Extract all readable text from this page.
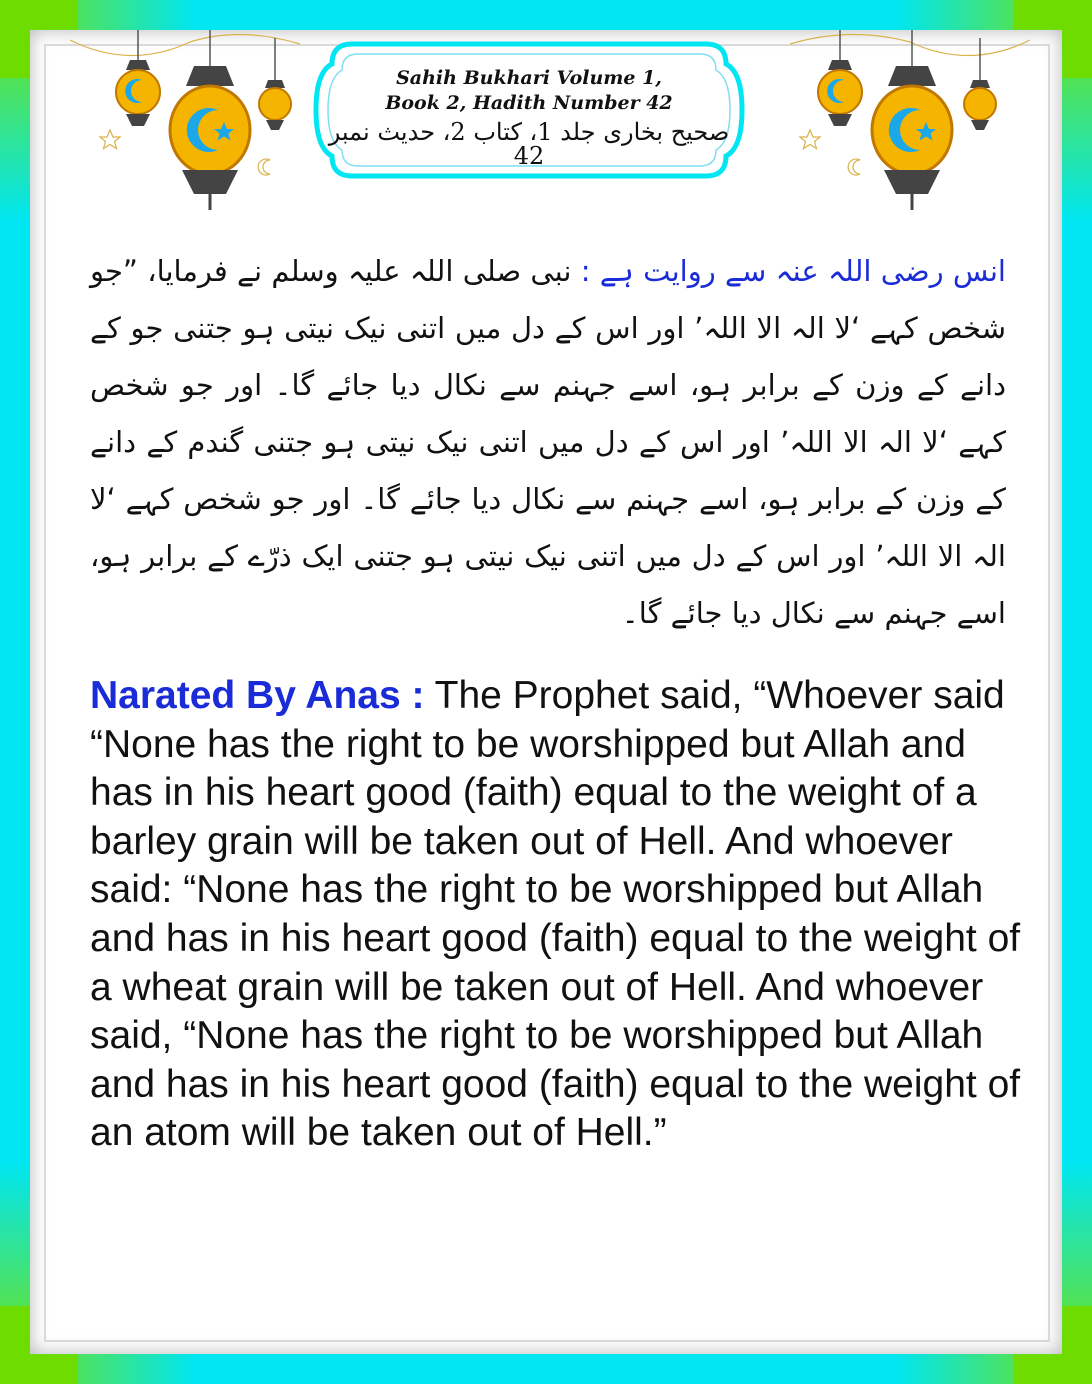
Sahih Bukhari Volume 1,
Book 2, Hadith Number 42
صحیح بخاری جلد 1، کتاب 2، حدیث نمبر 42
انس رضی اللہ عنہ سے روایت ہے : نبی صلی اللہ علیہ وسلم نے فرمایا، ”جو شخص کہے ‘لا الہ الا اللہ’ اور اس کے دل میں اتنی نیک نیتی ہو جتنی جو کے دانے کے وزن کے برابر ہو، اسے جہنم سے نکال دیا جائے گا۔ اور جو شخص کہے ‘لا الہ الا اللہ’ اور اس کے دل میں اتنی نیک نیتی ہو جتنی گندم کے دانے کے وزن کے برابر ہو، اسے جہنم سے نکال دیا جائے گا۔ اور جو شخص کہے ‘لا الہ الا اللہ’ اور اس کے دل میں اتنی نیک نیتی ہو جتنی ایک ذرّے کے برابر ہو، اسے جہنم سے نکال دیا جائے گا۔
Narated By Anas : The Prophet said, “Whoever said “None has the right to be worshipped but Allah and has in his heart good (faith) equal to the weight of a barley grain will be taken out of Hell. And whoever said: “None has the right to be worshipped but Allah and has in his heart good (faith) equal to the weight of a wheat grain will be taken out of Hell. And whoever said, “None has the right to be worshipped but Allah and has in his heart good (faith) equal to the weight of an atom will be taken out of Hell.”
